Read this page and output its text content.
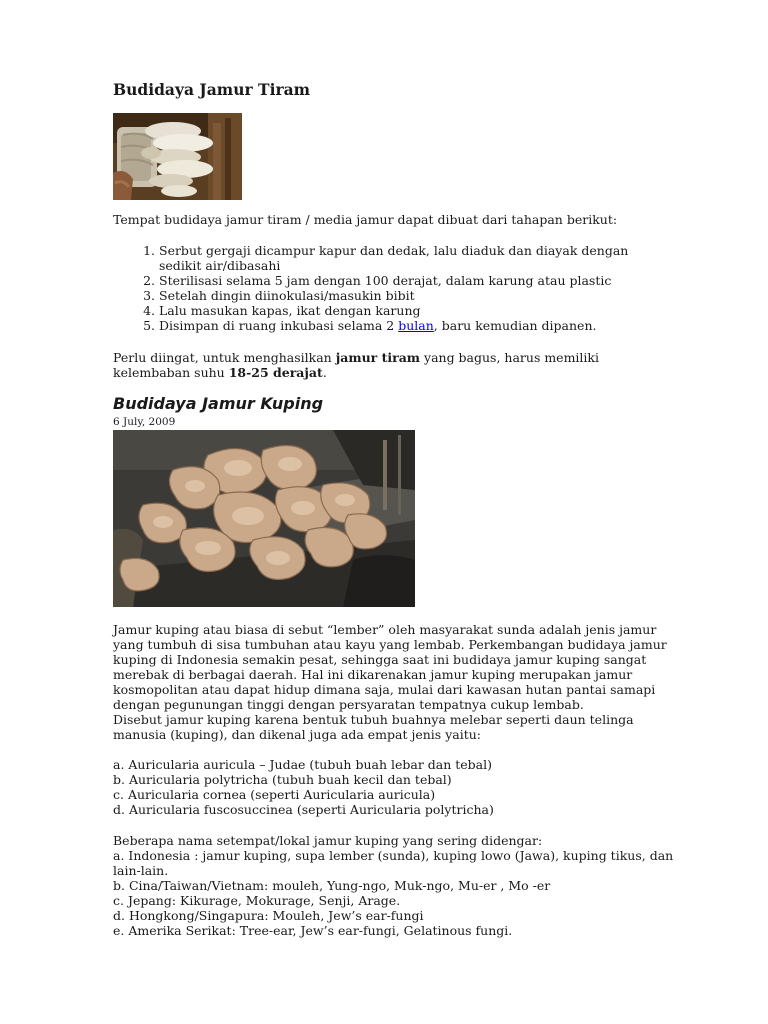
Budidaya Jamur Tiram

Tempat budidaya jamur tiram / media jamur dapat dibuat dari tahapan berikut:

1. Serbut gergaji dicampur kapur dan dedak, lalu diaduk dan diayak dengan sedikit air/dibasahi
2. Sterilisasi selama 5 jam dengan 100 derajat, dalam karung atau plastic
3. Setelah dingin diinokulasi/masukin bibit
4. Lalu masukan kapas, ikat dengan karung
5. Disimpan di ruang inkubasi selama 2 bulan, baru kemudian dipanen.

Perlu diingat, untuk menghasilkan jamur tiram yang bagus, harus memiliki kelembaban suhu 18-25 derajat.

Budidaya Jamur Kuping

6 July, 2009

Jamur kuping atau biasa di sebut “lember” oleh masyarakat sunda adalah jenis jamur
yang tumbuh di sisa tumbuhan atau kayu yang lembab. Perkembangan budidaya jamur
kuping di Indonesia semakin pesat, sehingga saat ini budidaya jamur kuping sangat
merebak di berbagai daerah. Hal ini dikarenakan jamur kuping merupakan jamur
kosmopolitan atau dapat hidup dimana saja, mulai dari kawasan hutan pantai samapi
dengan pegunungan tinggi dengan persyaratan tempatnya cukup lembab.
Disebut jamur kuping karena bentuk tubuh buahnya melebar seperti daun telinga
manusia (kuping), dan dikenal juga ada empat jenis yaitu:
a. Auricularia auricula – Judae (tubuh buah lebar dan tebal)
b. Auricularia polytricha (tubuh buah kecil dan tebal)
c. Auricularia cornea (seperti Auricularia auricula)
d. Auricularia fuscosuccinea (seperti Auricularia polytricha)
Beberapa nama setempat/lokal jamur kuping yang sering didengar:
a. Indonesia : jamur kuping, supa lember (sunda), kuping lowo (Jawa), kuping tikus, dan
lain-lain.
b. Cina/Taiwan/Vietnam: mouleh, Yung-ngo, Muk-ngo, Mu-er , Mo -er
c. Jepang: Kikurage, Mokurage, Senji, Arage.
d. Hongkong/Singapura: Mouleh, Jew’s ear-fungi
e. Amerika Serikat: Tree-ear, Jew’s ear-fungi, Gelatinous fungi.
